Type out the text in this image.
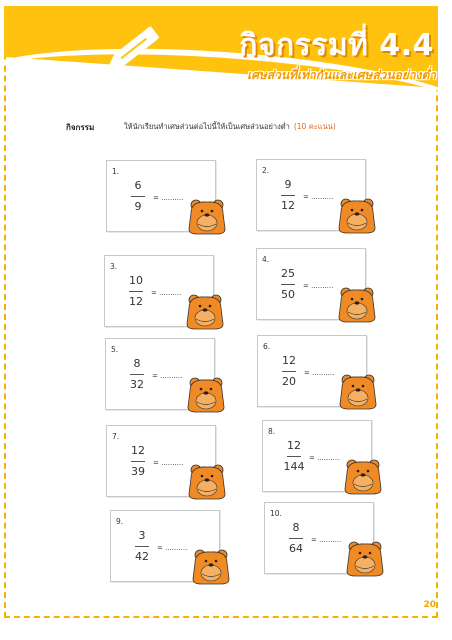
กิจกรรมที่ 4.4
เศษส่วนที่เท่ากันและเศษส่วนอย่างต่ำ
กิจกรรม	ให้นักเรียนทำเศษส่วนต่อไปนี้ให้เป็นเศษส่วนอย่างต่ำ (10 คะแนน)
1.
6
9
= ..........
2.
9
12
= ..........
3.
10
12
= ..........
4.
25
50
= ..........
5.
8
32
= ..........
6.
12
20
= ..........
7.
12
39
= ..........
8.
12
144
= ..........
9.
3
42
= ..........
10.
8
64
= ..........
20
